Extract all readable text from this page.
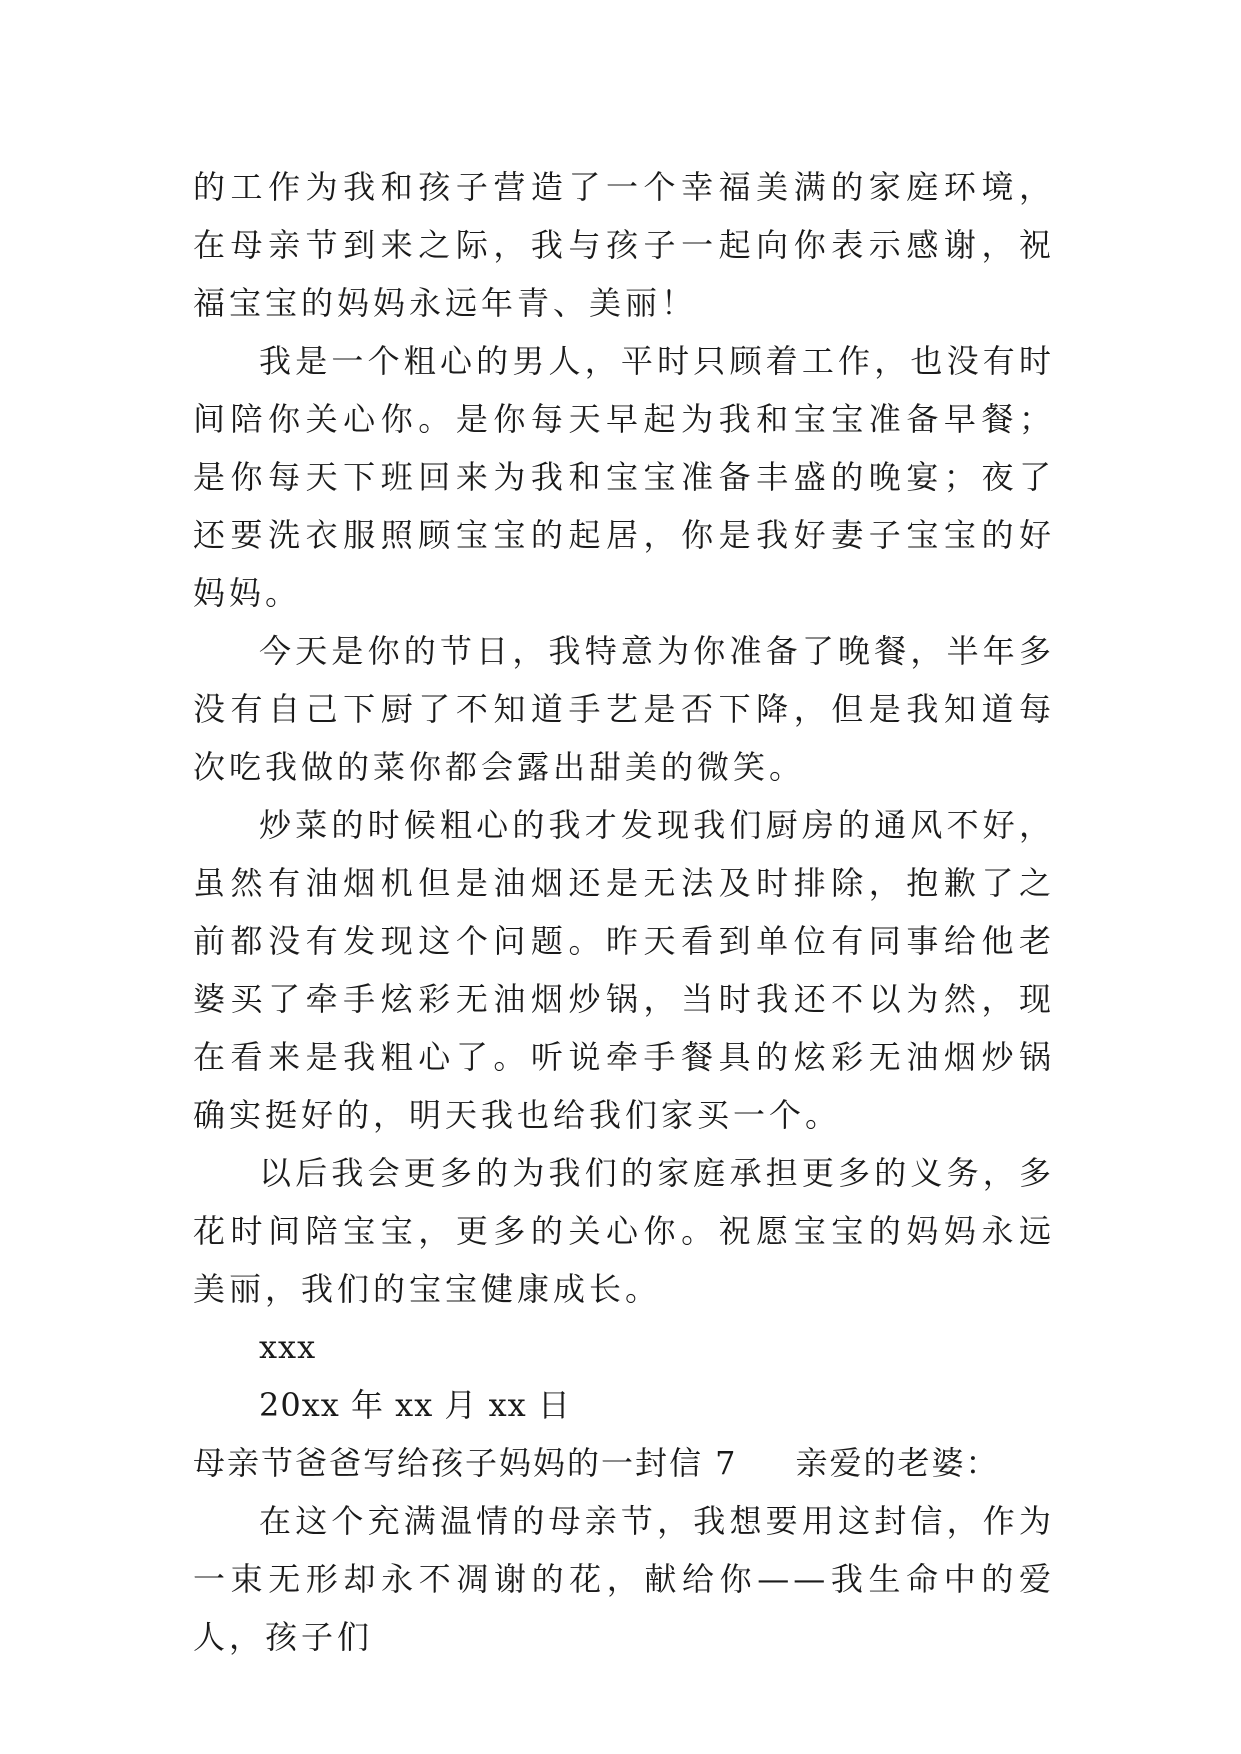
的工作为我和孩子营造了一个幸福美满的家庭环境，在母亲节到来之际，我与孩子一起向你表示感谢，祝福宝宝的妈妈永远年青、美丽！

我是一个粗心的男人，平时只顾着工作，也没有时间陪你关心你。是你每天早起为我和宝宝准备早餐；是你每天下班回来为我和宝宝准备丰盛的晚宴；夜了还要洗衣服照顾宝宝的起居，你是我好妻子宝宝的好妈妈。

今天是你的节日，我特意为你准备了晚餐，半年多没有自己下厨了不知道手艺是否下降，但是我知道每次吃我做的菜你都会露出甜美的微笑。

炒菜的时候粗心的我才发现我们厨房的通风不好，虽然有油烟机但是油烟还是无法及时排除，抱歉了之前都没有发现这个问题。昨天看到单位有同事给他老婆买了牵手炫彩无油烟炒锅，当时我还不以为然，现在看来是我粗心了。听说牵手餐具的炫彩无油烟炒锅确实挺好的，明天我也给我们家买一个。

以后我会更多的为我们的家庭承担更多的义务，多花时间陪宝宝，更多的关心你。祝愿宝宝的妈妈永远美丽，我们的宝宝健康成长。

xxx

20xx 年 xx 月 xx 日

母亲节爸爸写给孩子妈妈的一封信 7 亲爱的老婆：

在这个充满温情的母亲节，我想要用这封信，作为一束无形却永不凋谢的花，献给你——我生命中的爱人，孩子们
